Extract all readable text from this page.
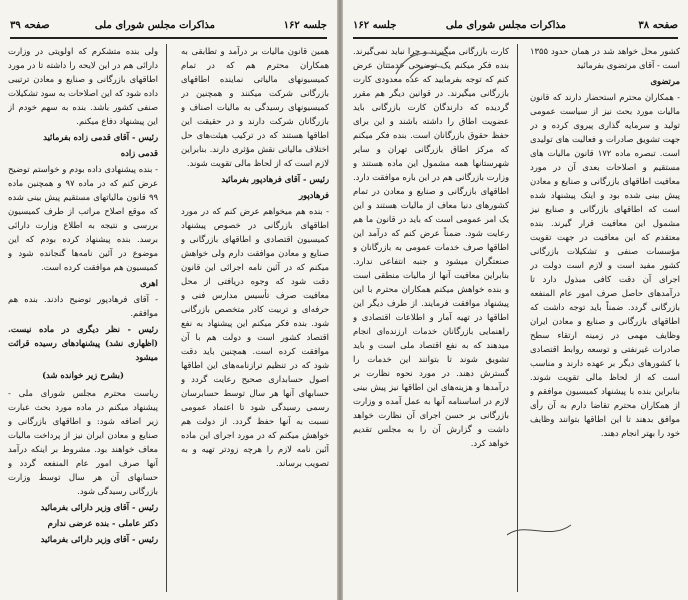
جلسه ۱۶۲
مذاکرات مجلس شورای ملی
صفحه ۳۹

همین قانون مالیات بر درآمد و تطابقی به همکاران محترم هم که در تمام کمیسیونهای مالیاتی نماینده اطاقهای بازرگانی شرکت میکنند و همچنین در کمیسیونهای رسیدگی به مالیات اصناف و بازرگانان شرکت دارند و در حقیقت این اطاقها هستند که در ترکیب هیئت‌های حل اختلاف مالیاتی نقش مؤثری دارند. بنابراین لازم است که از لحاظ مالی تقویت شوند.

رئیس - آقای فرهادپور بفرمائید

فرهادپور

- بنده هم میخواهم عرض کنم که در مورد اطاقهای بازرگانی در خصوص پیشنهاد کمیسیون اقتصادی و اطاقهای بازرگانی و صنایع و معادن موافقت دارم ولی خواهش میکنم که در آئین نامه اجرائی این قانون دقت شود که وجوه دریافتی از محل معافیت صرف تأسیس مدارس فنی و حرفه‌ای و تربیت کادر متخصص بازرگانی شود. بنده فکر میکنم این پیشنهاد به نفع اقتصاد کشور است و دولت هم با آن موافقت کرده است. همچنین باید دقت شود که در تنظیم ترازنامه‌های این اطاقها اصول حسابداری صحیح رعایت گردد و حسابهای آنها هر سال توسط حسابرسان رسمی رسیدگی شود تا اعتماد عمومی نسبت به آنها حفظ گردد. از دولت هم خواهش میکنم که در مورد اجرای این ماده آئین نامه لازم را هرچه زودتر تهیه و به تصویب برساند.

ولی بنده متشکرم که اولویتی در وزارت دارائی هم در این لایحه را داشته تا در مورد اطاقهای بازرگانی و صنایع و معادن ترتیبی داده شود که این اصلاحات به سود تشکیلات صنفی کشور باشد. بنده به سهم خودم از این پیشنهاد دفاع میکنم.

رئیس - آقای قدمی زاده بفرمائید

قدمی زاده

- بنده پیشنهادی داده بودم و خواستم توضیح عرض کنم که در ماده ۹۷ و همچنین ماده ۹۹ قانون مالیاتهای مستقیم پیش بینی شده که موقع اصلاح مراتب از طرف کمیسیون بررسی و نتیجه به اطلاع وزارت دارائی برسد. بنده پیشنهاد کرده بودم که این موضوع در آئین نامه‌ها گنجانده شود و کمیسیون هم موافقت کرده است.

اهری

- آقای فرهادپور توضیح دادند. بنده هم موافقم.

رئیس - نظر دیگری در ماده نیست. (اظهاری نشد) پیشنهادهای رسیده قرائت میشود

(بشرح زیر خوانده شد)

ریاست محترم مجلس شورای ملی - پیشنهاد میکنم در ماده مورد بحث عبارت زیر اضافه شود: و اطاقهای بازرگانی و صنایع و معادن ایران نیز از پرداخت مالیات معاف خواهند بود. مشروط بر اینکه درآمد آنها صرف امور عام المنفعه گردد و حسابهای آن هر سال توسط وزارت بازرگانی رسیدگی شود.

رئیس - آقای وزیر دارائی بفرمائید

دکتر عاملی - بنده عرضی ندارم

رئیس - آقای وزیر دارائی بفرمائید

صفحه ۳۸
مذاکرات مجلس شورای ملی
جلسه ۱۶۲

کشور محل خواهد شد در همان حدود ۱۳۵۵ است - آقای مرتضوی بفرمائید

مرتضوی

- همکاران محترم استحضار دارند که قانون مالیات مورد بحث نیز از سیاست عمومی تولید و سرمایه گذاری پیروی کرده و در جهت تشویق صادرات و فعالیت های تولیدی است. تبصره ماده ۱۷۲ قانون مالیات های مستقیم و اصلاحات بعدی آن در مورد معافیت اطاقهای بازرگانی و صنایع و معادن پیش بینی شده بود و اینک پیشنهاد شده است که اطاقهای بازرگانی و صنایع نیز مشمول این معافیت قرار گیرند. بنده معتقدم که این معافیت در جهت تقویت مؤسسات صنفی و تشکیلات بازرگانی کشور مفید است و لازم است دولت در اجرای آن دقت کافی مبذول دارد تا درآمدهای حاصل صرف امور عام المنفعه بازرگانی گردد. ضمناً باید توجه داشت که اطاقهای بازرگانی و صنایع و معادن ایران وظایف مهمی در زمینه ارتقاء سطح صادرات غیرنفتی و توسعه روابط اقتصادی با کشورهای دیگر بر عهده دارند و مناسب است که از لحاظ مالی تقویت شوند. بنابراین بنده با پیشنهاد کمیسیون موافقم و از همکاران محترم تقاضا دارم به آن رأی موافق بدهند تا این اطاقها بتوانند وظایف خود را بهتر انجام دهند.

کارت بازرگانی میگیرند و چرا نباید نمی‌گیرند. بنده فکر میکنم یک توضیحی خدمتتان عرض کنم که توجه بفرمایید که عده معدودی کارت بازرگانی میگیرند. در قوانین دیگر هم مقرر گردیده که دارندگان کارت بازرگانی باید عضویت اطاق را داشته باشند و این برای حفظ حقوق بازرگانان است. بنده فکر میکنم که مرکز اطاق بازرگانی تهران و سایر شهرستانها همه مشمول این ماده هستند و وزارت بازرگانی هم در این باره موافقت دارد. اطاقهای بازرگانی و صنایع و معادن در تمام کشورهای دنیا معاف از مالیات هستند و این یک امر عمومی است که باید در قانون ما هم رعایت شود. ضمناً عرض کنم که درآمد این اطاقها صرف خدمات عمومی به بازرگانان و صنعتگران میشود و جنبه انتفاعی ندارد. بنابراین معافیت آنها از مالیات منطقی است و بنده خواهش میکنم همکاران محترم با این پیشنهاد موافقت فرمایند. از طرف دیگر این اطاقها در تهیه آمار و اطلاعات اقتصادی و راهنمایی بازرگانان خدمات ارزنده‌ای انجام میدهند که به نفع اقتصاد ملی است و باید تشویق شوند تا بتوانند این خدمات را گسترش دهند. در مورد نحوه نظارت بر درآمدها و هزینه‌های این اطاقها نیز پیش بینی لازم در اساسنامه آنها به عمل آمده و وزارت بازرگانی بر حسن اجرای آن نظارت خواهد داشت و گزارش آن را به مجلس تقدیم خواهد کرد.
